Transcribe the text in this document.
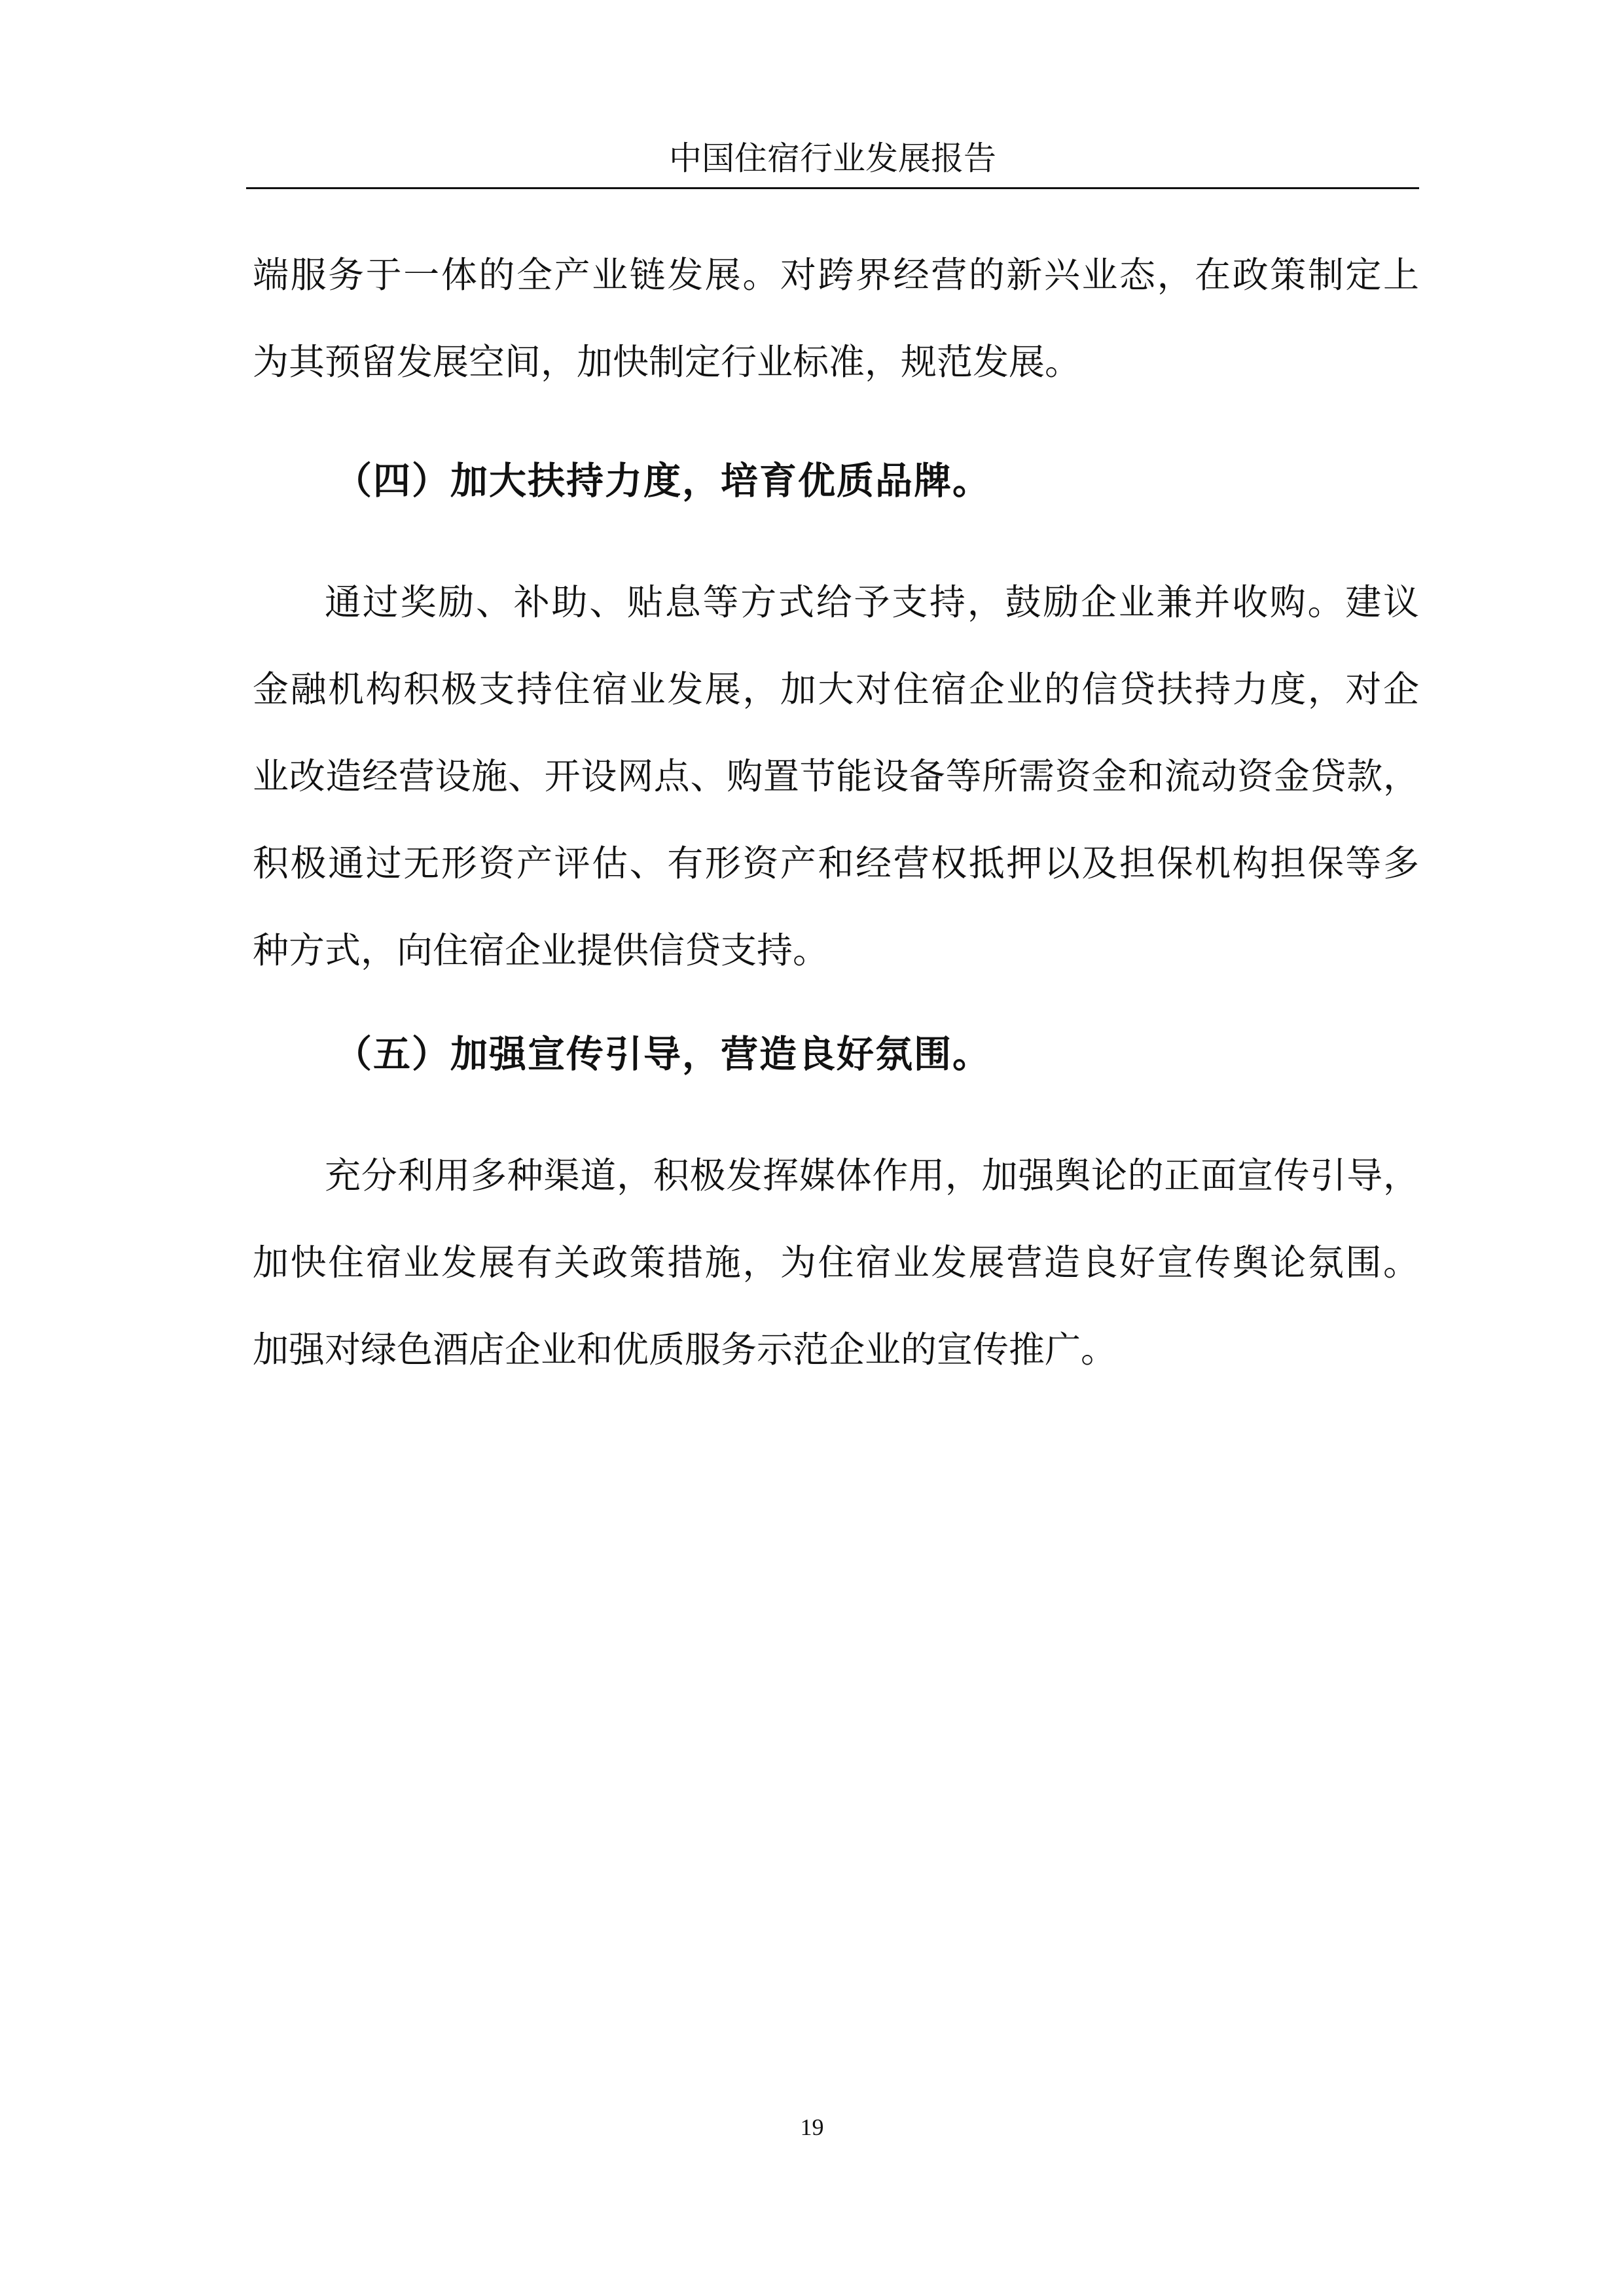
中国住宿行业发展报告
端服务于一体的全产业链发展。对跨界经营的新兴业态，在政策制定上
为其预留发展空间，加快制定行业标准，规范发展。
（四）加大扶持力度，培育优质品牌。
通过奖励、补助、贴息等方式给予支持，鼓励企业兼并收购。建议
金融机构积极支持住宿业发展，加大对住宿企业的信贷扶持力度，对企
业改造经营设施、开设网点、购置节能设备等所需资金和流动资金贷款，
积极通过无形资产评估、有形资产和经营权抵押以及担保机构担保等多
种方式，向住宿企业提供信贷支持。
（五）加强宣传引导，营造良好氛围。
充分利用多种渠道，积极发挥媒体作用，加强舆论的正面宣传引导，
加快住宿业发展有关政策措施，为住宿业发展营造良好宣传舆论氛围。
加强对绿色酒店企业和优质服务示范企业的宣传推广。
19
